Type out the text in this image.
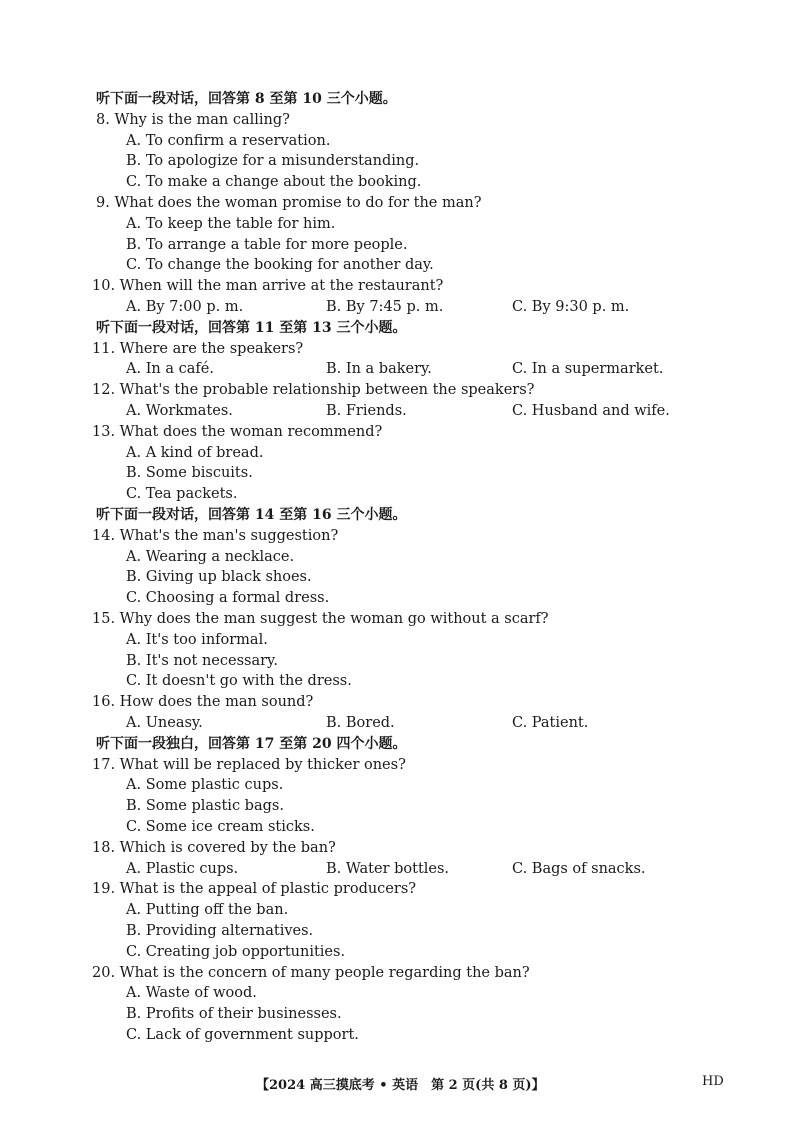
听下面一段对话，回答第 8 至第 10 三个小题。
8. Why is the man calling?
A. To confirm a reservation.
B. To apologize for a misunderstanding.
C. To make a change about the booking.
9. What does the woman promise to do for the man?
A. To keep the table for him.
B. To arrange a table for more people.
C. To change the booking for another day.
10. When will the man arrive at the restaurant?
A. By 7:00 p. m.	B. By 7:45 p. m.	C. By 9:30 p. m.
听下面一段对话，回答第 11 至第 13 三个小题。
11. Where are the speakers?
A. In a café.	B. In a bakery.	C. In a supermarket.
12. What's the probable relationship between the speakers?
A. Workmates.	B. Friends.	C. Husband and wife.
13. What does the woman recommend?
A. A kind of bread.
B. Some biscuits.
C. Tea packets.
听下面一段对话，回答第 14 至第 16 三个小题。
14. What's the man's suggestion?
A. Wearing a necklace.
B. Giving up black shoes.
C. Choosing a formal dress.
15. Why does the man suggest the woman go without a scarf?
A. It's too informal.
B. It's not necessary.
C. It doesn't go with the dress.
16. How does the man sound?
A. Uneasy.	B. Bored.	C. Patient.
听下面一段独白，回答第 17 至第 20 四个小题。
17. What will be replaced by thicker ones?
A. Some plastic cups.
B. Some plastic bags.
C. Some ice cream sticks.
18. Which is covered by the ban?
A. Plastic cups.	B. Water bottles.	C. Bags of snacks.
19. What is the appeal of plastic producers?
A. Putting off the ban.
B. Providing alternatives.
C. Creating job opportunities.
20. What is the concern of many people regarding the ban?
A. Waste of wood.
B. Profits of their businesses.
C. Lack of government support.
【2024 高三摸底考 • 英语　第 2 页(共 8 页)】	HD
